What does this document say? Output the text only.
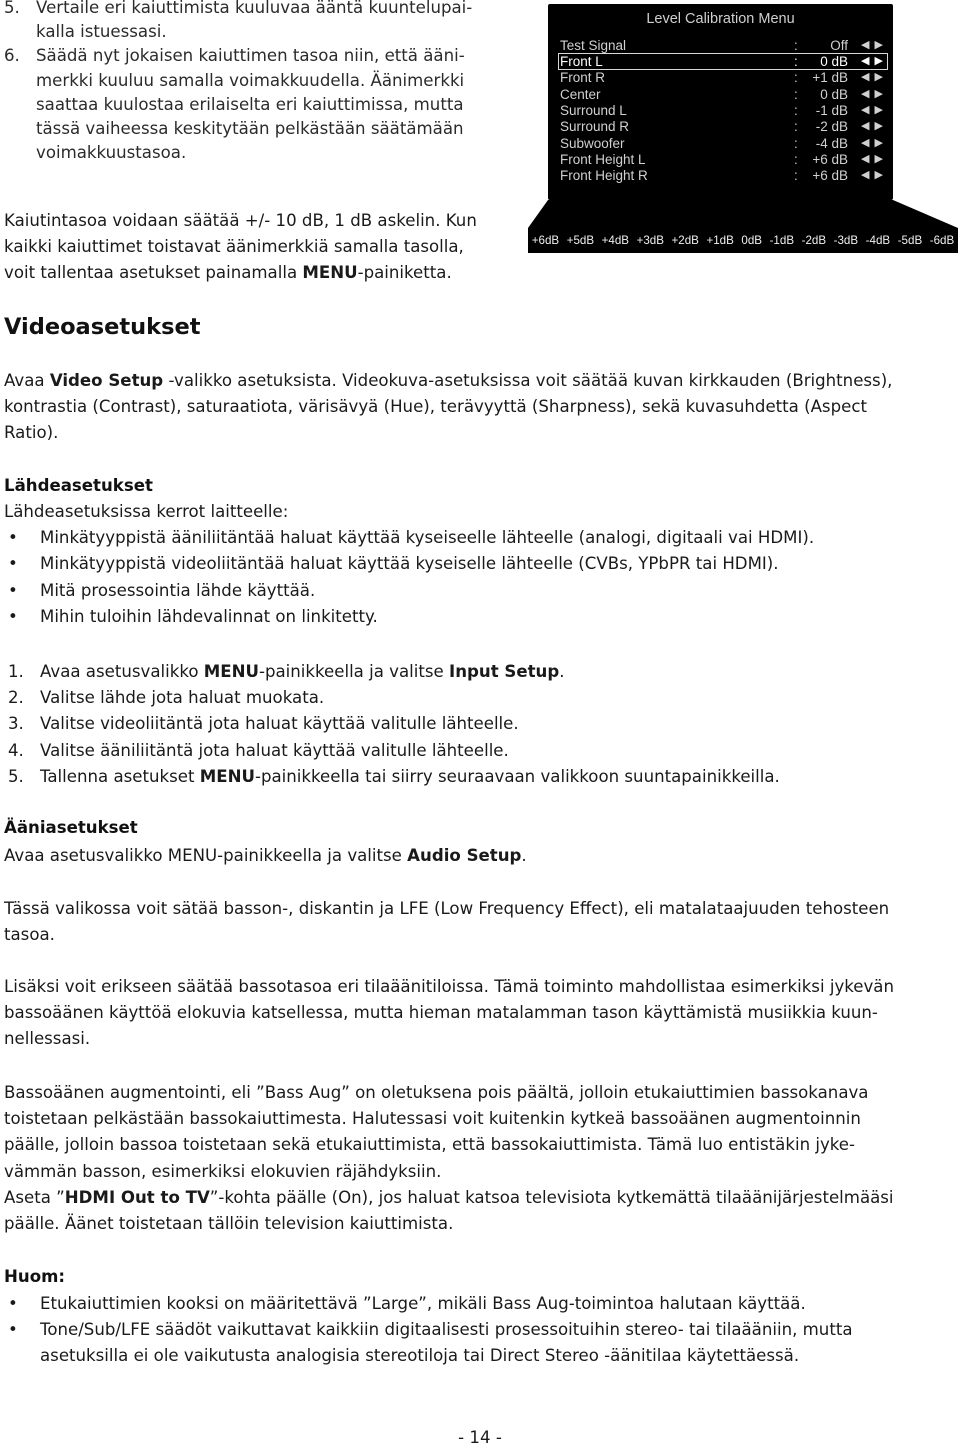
5. Vertaile eri kaiuttimista kuuluvaa ääntä kuuntelupai-
kalla istuessasi.
6. Säädä nyt jokaisen kaiuttimen tasoa niin, että ääni-
merkki kuuluu samalla voimakkuudella. Äänimerkki
saattaa kuulostaa erilaiselta eri kaiuttimissa, mutta
tässä vaiheessa keskitytään pelkästään säätämään
voimakkuustasoa.
Kaiutintasoa voidaan säätää +/- 10 dB, 1 dB askelin. Kun
kaikki kaiuttimet toistavat äänimerkkiä samalla tasolla,
voit tallentaa asetukset painamalla MENU-painiketta.
Level Calibration Menu
Test Signal	: Off ◀ ▶
Front L	: 0 dB ◀ ▶
Front R	: +1 dB ◀ ▶
Center	: 0 dB ◀ ▶
Surround L	: -1 dB ◀ ▶
Surround R	: -2 dB ◀ ▶
Subwoofer	: -4 dB ◀ ▶
Front Height L	: +6 dB ◀ ▶
Front Height R	: +6 dB ◀ ▶
+6dB +5dB +4dB +3dB +2dB +1dB 0dB -1dB -2dB -3dB -4dB -5dB -6dB
Videoasetukset
Avaa Video Setup -valikko asetuksista. Videokuva-asetuksissa voit säätää kuvan kirkkauden (Brightness),
kontrastia (Contrast), saturaatiota, värisävyä (Hue), terävyyttä (Sharpness), sekä kuvasuhdetta (Aspect
Ratio).
Lähdeasetukset
Lähdeasetuksissa kerrot laitteelle:
• Minkätyyppistä ääniliitäntää haluat käyttää kyseiseelle lähteelle (analogi, digitaali vai HDMI).
• Minkätyyppistä videoliitäntää haluat käyttää kyseiselle lähteelle (CVBs, YPbPR tai HDMI).
• Mitä prosessointia lähde käyttää.
• Mihin tuloihin lähdevalinnat on linkitetty.
1. Avaa asetusvalikko MENU-painikkeella ja valitse Input Setup.
2. Valitse lähde jota haluat muokata.
3. Valitse videoliitäntä jota haluat käyttää valitulle lähteelle.
4. Valitse ääniliitäntä jota haluat käyttää valitulle lähteelle.
5. Tallenna asetukset MENU-painikkeella tai siirry seuraavaan valikkoon suuntapainikkeilla.
Ääniasetukset
Avaa asetusvalikko MENU-painikkeella ja valitse Audio Setup.
Tässä valikossa voit sätää basson-, diskantin ja LFE (Low Frequency Effect), eli matalataajuuden tehosteen
tasoa.
Lisäksi voit erikseen säätää bassotasoa eri tilaäänitiloissa. Tämä toiminto mahdollistaa esimerkiksi jykevän
bassoäänen käyttöä elokuvia katsellessa, mutta hieman matalamman tason käyttämistä musiikkia kuun-
nellessasi.
Bassoäänen augmentointi, eli ”Bass Aug” on oletuksena pois päältä, jolloin etukaiuttimien bassokanava
toistetaan pelkästään bassokaiuttimesta. Halutessasi voit kuitenkin kytkeä bassoäänen augmentoinnin
päälle, jolloin bassoa toistetaan sekä etukaiuttimista, että bassokaiuttimista. Tämä luo entistäkin jyke-
vämmän basson, esimerkiksi elokuvien räjähdyksiin.
Aseta ”HDMI Out to TV”-kohta päälle (On), jos haluat katsoa televisiota kytkemättä tilaäänijärjestelmääsi
päälle. Äänet toistetaan tällöin television kaiuttimista.
Huom:
• Etukaiuttimien kooksi on määritettävä ”Large”, mikäli Bass Aug-toimintoa halutaan käyttää.
• Tone/Sub/LFE säädöt vaikuttavat kaikkiin digitaalisesti prosessoituihin stereo- tai tilaääniin, mutta
asetuksilla ei ole vaikutusta analogisia stereotiloja tai Direct Stereo -äänitilaa käytettäessä.
- 14 -
